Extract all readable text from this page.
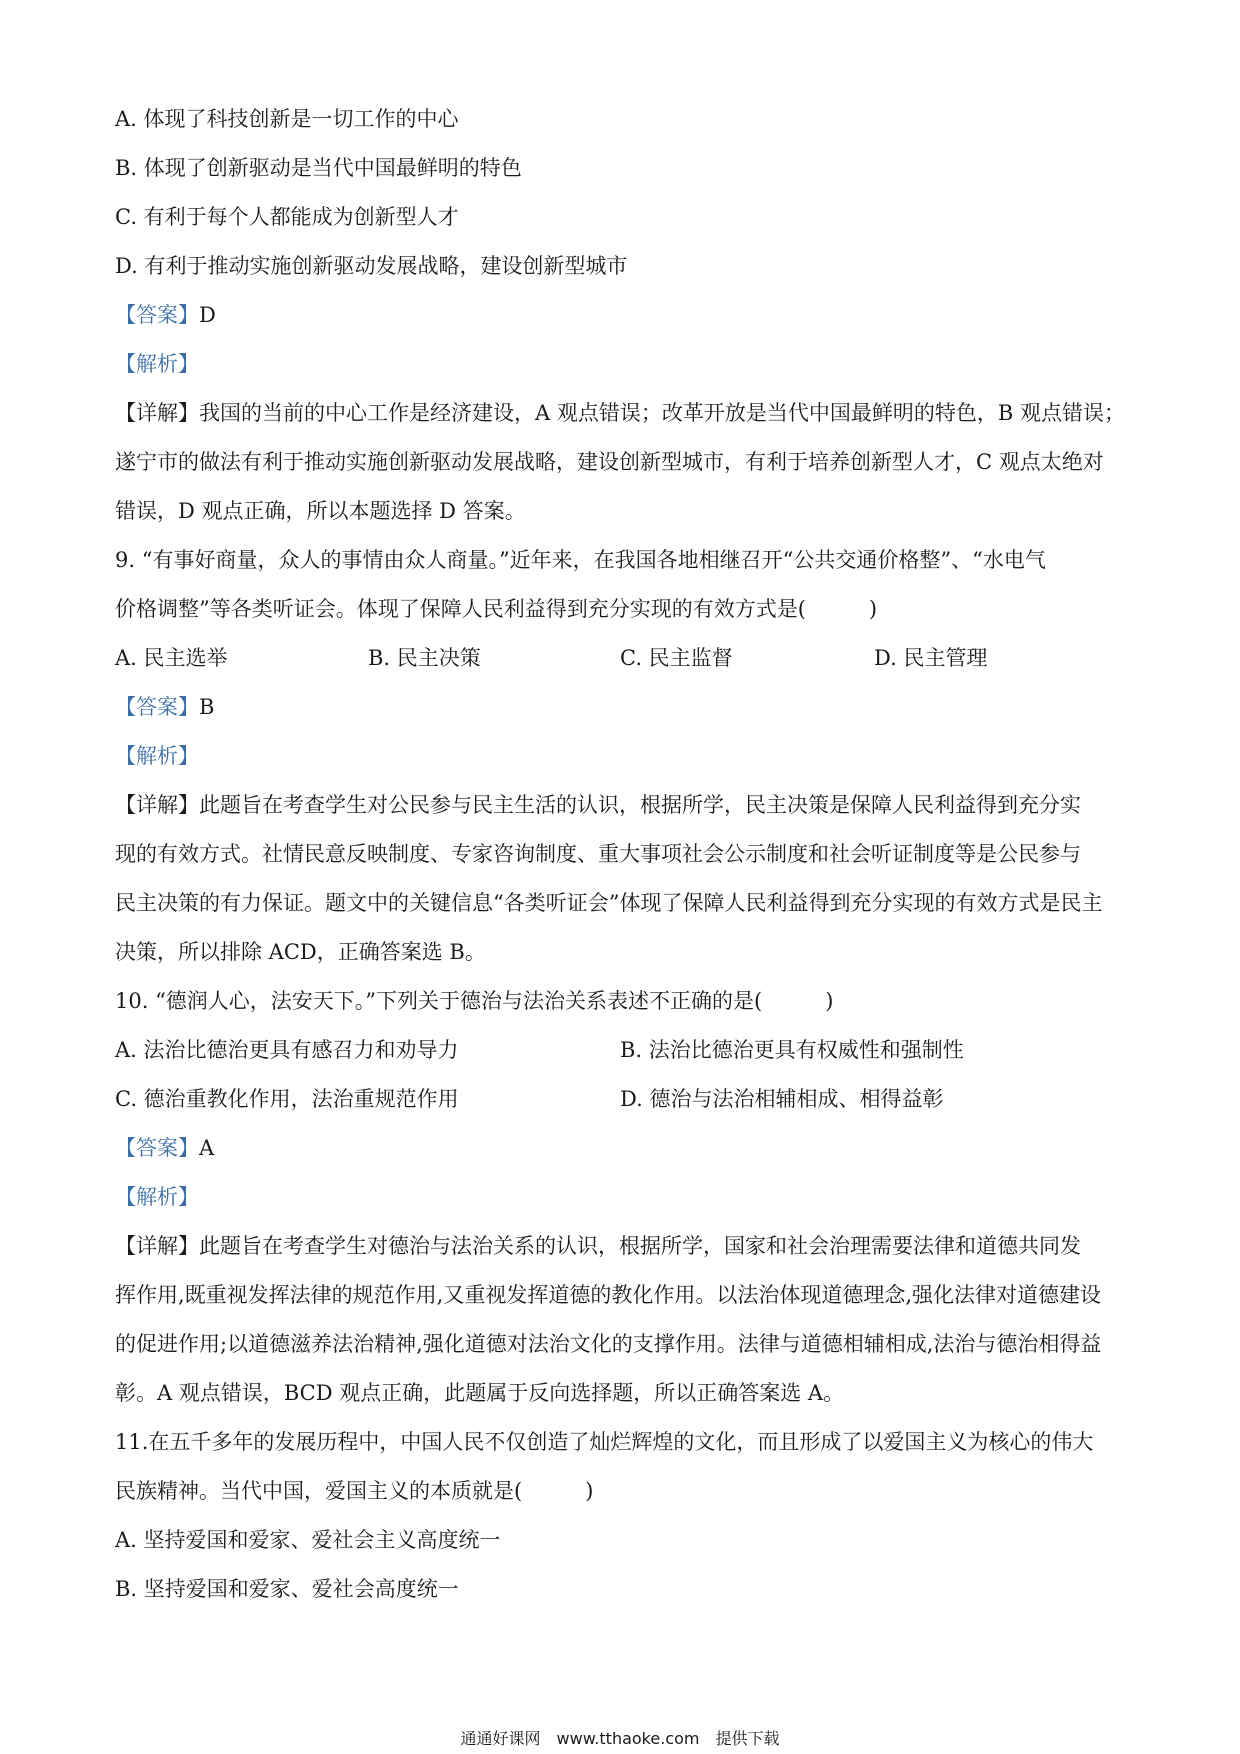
A. 体现了科技创新是一切工作的中心

B. 体现了创新驱动是当代中国最鲜明的特色

C. 有利于每个人都能成为创新型人才

D. 有利于推动实施创新驱动发展战略，建设创新型城市

【答案】D

【解析】

【详解】我国的当前的中心工作是经济建设，A 观点错误；改革开放是当代中国最鲜明的特色，B 观点错误；

遂宁市的做法有利于推动实施创新驱动发展战略，建设创新型城市，有利于培养创新型人才，C 观点太绝对

错误，D 观点正确，所以本题选择 D 答案。

9. “有事好商量，众人的事情由众人商量。”近年来，在我国各地相继召开“公共交通价格整”、“水电气

价格调整”等各类听证会。体现了保障人民利益得到充分实现的有效方式是(　　　)

A. 民主选举	B. 民主决策	C. 民主监督	D. 民主管理

【答案】B

【解析】

【详解】此题旨在考查学生对公民参与民主生活的认识，根据所学，民主决策是保障人民利益得到充分实

现的有效方式。社情民意反映制度、专家咨询制度、重大事项社会公示制度和社会听证制度等是公民参与

民主决策的有力保证。题文中的关键信息“各类听证会”体现了保障人民利益得到充分实现的有效方式是民主

决策，所以排除 ACD，正确答案选 B。

10. “德润人心，法安天下。”下列关于德治与法治关系表述不正确的是(　　　)

A. 法治比德治更具有感召力和劝导力	B. 法治比德治更具有权威性和强制性
C. 德治重教化作用，法治重规范作用	D. 德治与法治相辅相成、相得益彰

【答案】A

【解析】

【详解】此题旨在考查学生对德治与法治关系的认识，根据所学，国家和社会治理需要法律和道德共同发

挥作用,既重视发挥法律的规范作用,又重视发挥道德的教化作用。以法治体现道德理念,强化法律对道德建设

的促进作用;以道德滋养法治精神,强化道德对法治文化的支撑作用。法律与道德相辅相成,法治与德治相得益

彰。A 观点错误，BCD 观点正确，此题属于反向选择题，所以正确答案选 A。

11.在五千多年的发展历程中，中国人民不仅创造了灿烂辉煌的文化，而且形成了以爱国主义为核心的伟大

民族精神。当代中国，爱国主义的本质就是(　　　)

A. 坚持爱国和爱家、爱社会主义高度统一

B. 坚持爱国和爱家、爱社会高度统一

通通好课网　www.tthaoke.com　提供下载
